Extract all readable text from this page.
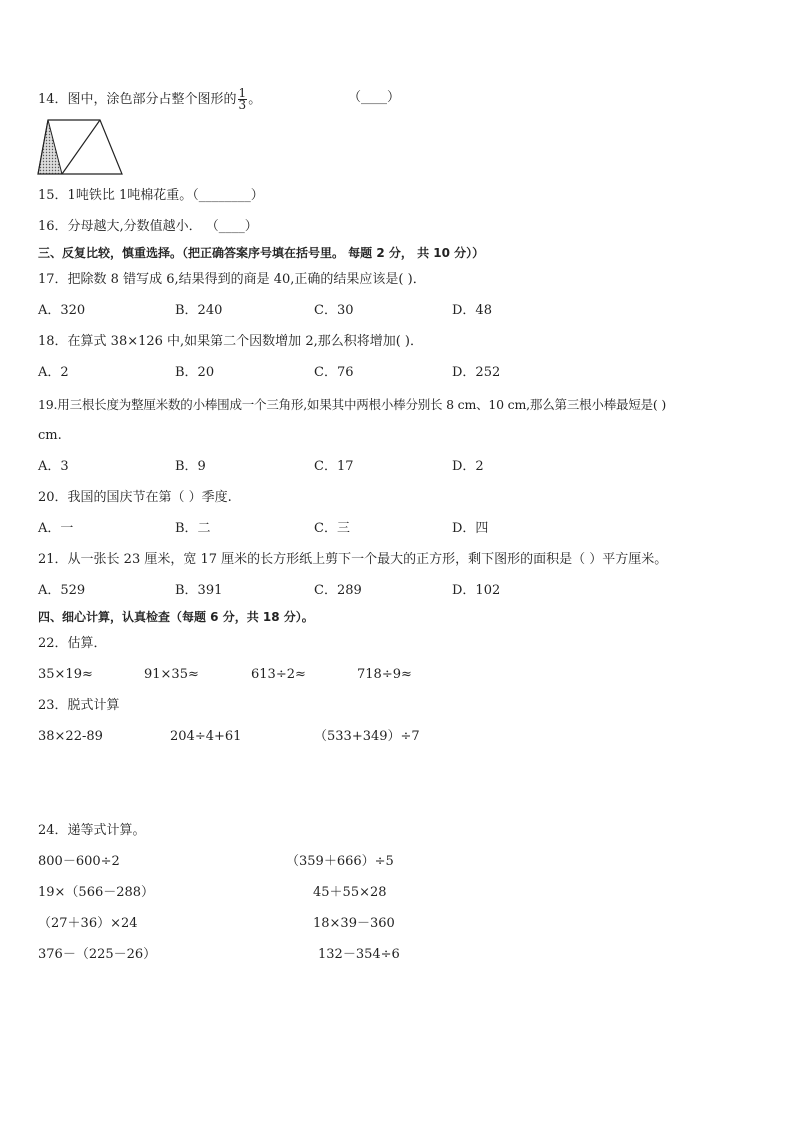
14．图中，涂色部分占整个图形的 $\frac{1}{3}$ 。	（____）
15．1吨铁比 1吨棉花重。（________）
16．分母越大,分数值越小． （____）
三、反复比较，慎重选择。（把正确答案序号填在括号里。 每题 2 分， 共 10 分））
17．把除数 8 错写成 6,结果得到的商是 40,正确的结果应该是( )．
A．320	B．240	C．30	D．48
18．在算式 38×126 中,如果第二个因数增加 2,那么积将增加( )．
A．2	B．20	C．76	D．252
19.用三根长度为整厘米数的小棒围成一个三角形,如果其中两根小棒分别长 8 cm、10 cm,那么第三根小棒最短是( )
cm.
A．3	B．9	C．17	D．2
20．我国的国庆节在第（ ）季度.
A．一	B．二	C．三	D．四
21．从一张长 23 厘米，宽 17 厘米的长方形纸上剪下一个最大的正方形，剩下图形的面积是（ ）平方厘米。
A．529	B．391	C．289	D．102
四、细心计算，认真检查（每题 6 分，共 18 分）。
22．估算．
35×19≈	91×35≈	613÷2≈	718÷9≈
23．脱式计算
38×22-89	204÷4+61	（533+349）÷7
24．递等式计算。
800－600÷2	（359＋666）÷5
19×（566－288）	45＋55×28
（27＋36）×24	18×39－360
376－（225－26）	132－354÷6
